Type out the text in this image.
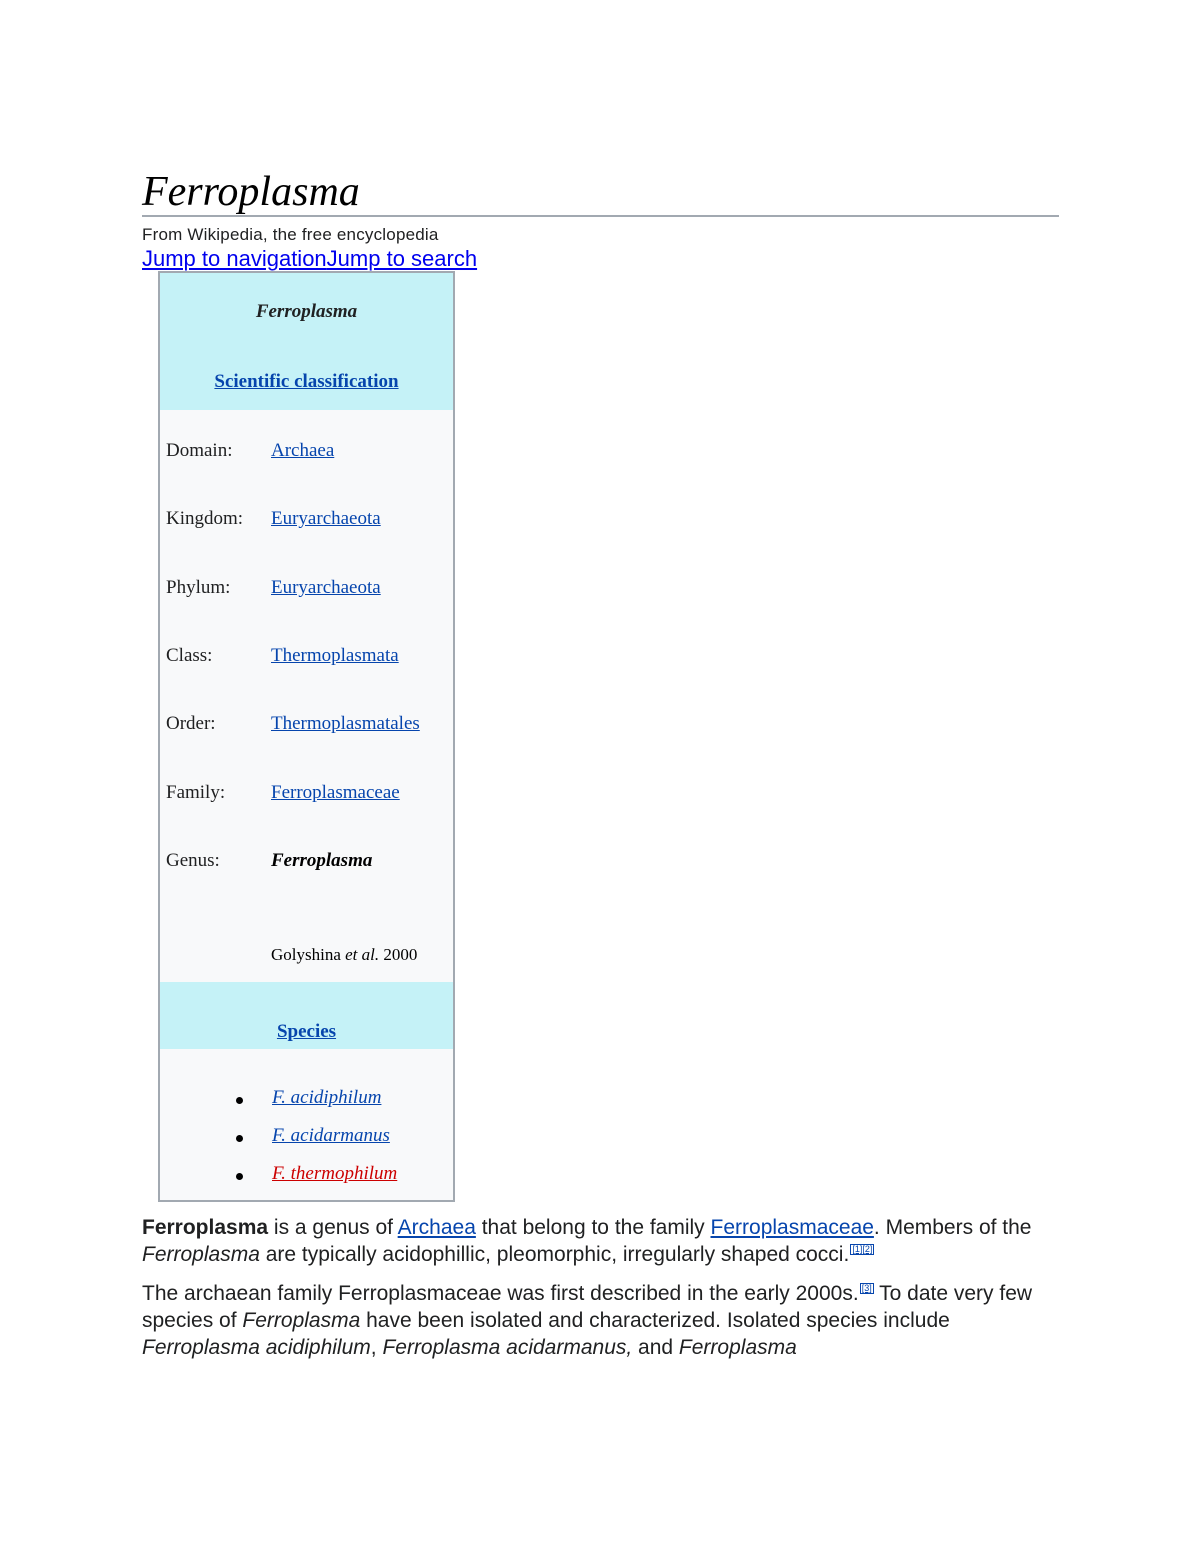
Ferroplasma
From Wikipedia, the free encyclopedia
Jump to navigationJump to search
Ferroplasma
Scientific classification
Domain: Archaea
Kingdom: Euryarchaeota
Phylum: Euryarchaeota
Class:	Thermoplasmata
Order:	Thermoplasmatales
Family: Ferroplasmaceae
Genus:	Ferroplasma
Golyshina et al. 2000
Species
F. acidiphilum
F. acidarmanus
F. thermophilum

Ferroplasma is a genus of Archaea that belong to the family Ferroplasmaceae. Members of the Ferroplasma are typically acidophillic, pleomorphic, irregularly shaped cocci. [1][2]

The archaean family Ferroplasmaceae was first described in the early 2000s. [3] To date very few species of Ferroplasma have been isolated and characterized. Isolated species include Ferroplasma acidiphilum, Ferroplasma acidarmanus, and Ferroplasma
